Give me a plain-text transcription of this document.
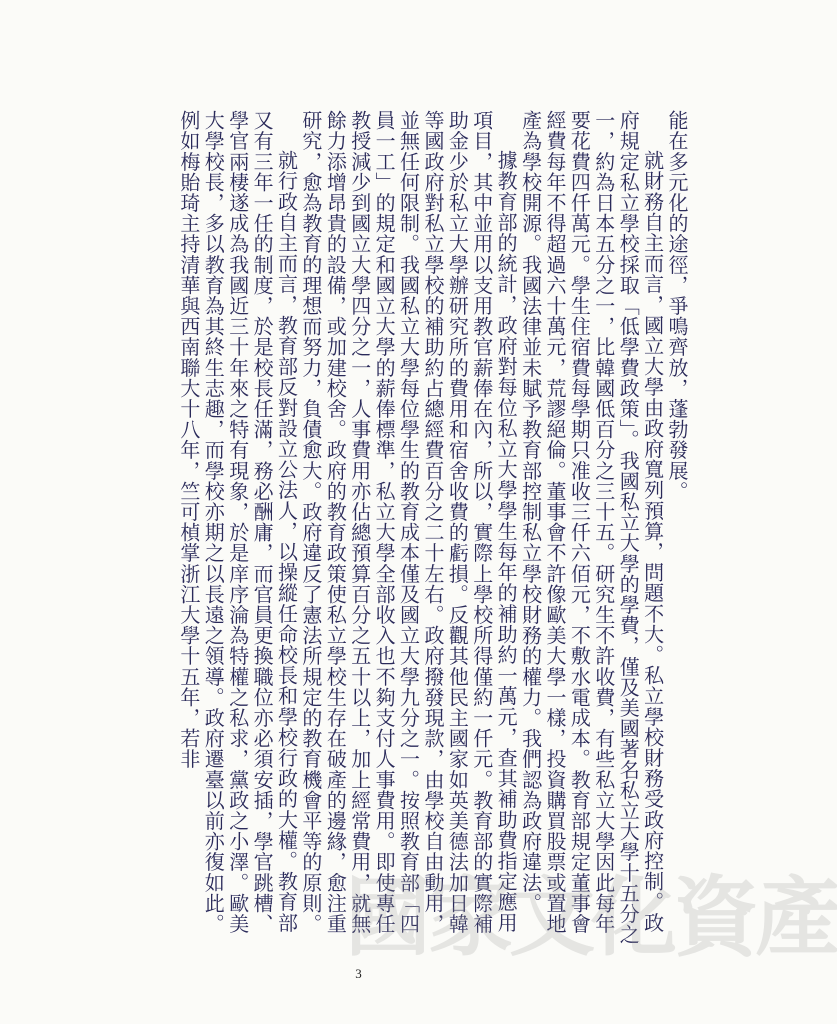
能在多元化的途徑，爭鳴齊放，蓬勃發展。

就財務自主而言，國立大學由政府寬列預算，問題不大。私立學校財務受政府控制。政府規定私立學校採取「低學費政策」。我國私立大學的學費，僅及美國著名私立大學十五分之一，約為日本五分之一，比韓國低百分之三十五。研究生不許收費，有些私立大學因此每年要花費四仟萬元。學生住宿費每學期只准收三仟六佰元，不敷水電成本。教育部規定董事會經費每年不得超過六十萬元，荒謬絕倫。董事會不許像歐美大學一樣，投資購買股票或置地產為學校開源。我國法律並未賦予教育部控制私立學校財務的權力。我們認為政府違法。

據教育部的統計，政府對每位私立大學學生每年的補助約一萬元，查其補助費指定應用項目，其中並用以支用教官薪俸在內，所以，實際上學校所得僅約一仟元。教育部的實際補助金少於私立大學辦研究所的費用和宿舍收費的虧損。反觀其他民主國家如英美德法加日韓等國政府對私立學校的補助約占總經費百分之二十左右。政府撥發現款，由學校自由動用，並無任何限制。我國私立大學每位學生的教育成本僅及國立大學九分之一。按照教育部「四員一工」的規定和國立大學的薪俸標準，私立大學全部收入也不夠支付人事費用。即使專任教授減少到國立大學四分之一，人事費用亦佔總預算百分之五十以上，加上經常費用，就無餘力添增昂貴的設備，或加建校舍。政府的教育政策使私立學校生存在破產的邊緣，愈注重研究，愈為教育的理想而努力，負債愈大。政府違反了憲法所規定的教育機會平等的原則。

就行政自主而言，教育部反對設立公法人，以操縱任命校長和學校行政的大權。教育部又有三年一任的制度，於是校長任滿，務必酬庸，而官員更換職位亦必須安插，學官跳槽、學官兩棲遂成為我國近三十年來之特有現象，於是庠序淪為特權之私求，黨政之小澤。歐美大學校長，多以教育為其終生志趣，而學校亦期之以長遠之領導。政府遷臺以前亦復如此。例如梅貽琦主持清華與西南聯大十八年，竺可楨掌浙江大學十五年，若非

國家文化資產
3
